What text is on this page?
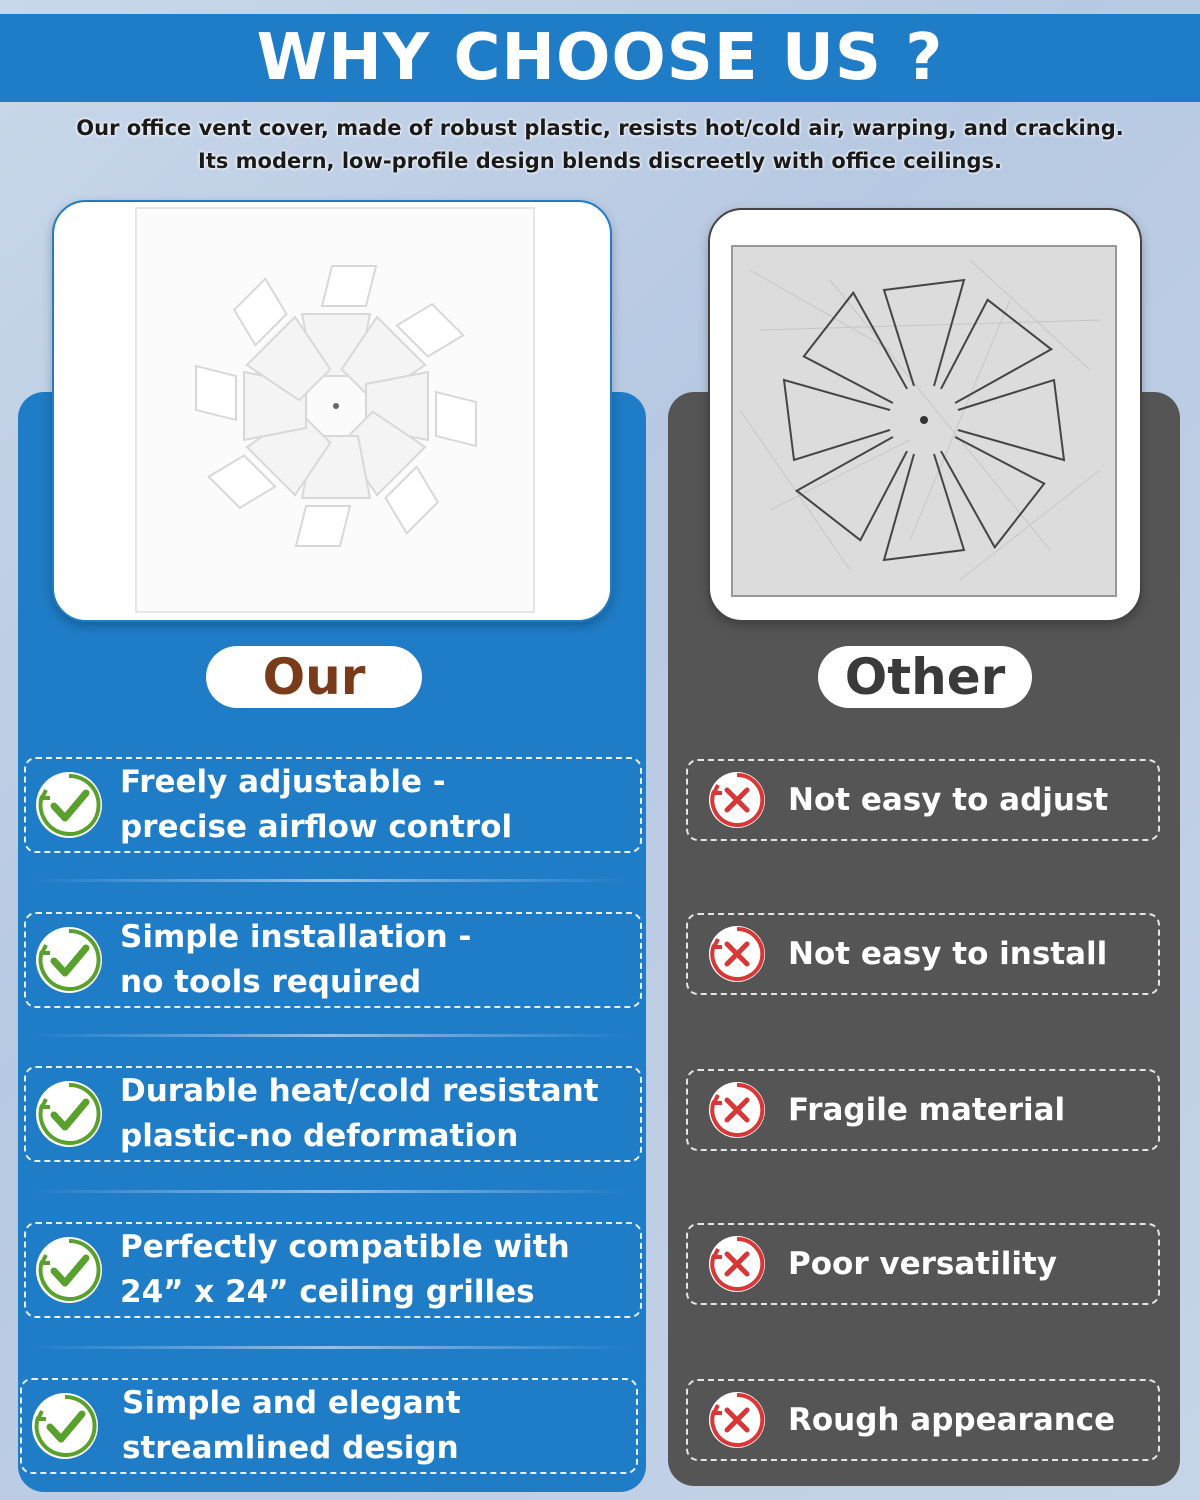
WHY CHOOSE US ?
Our office vent cover, made of robust plastic, resists hot/cold air, warping, and cracking.
Its modern, low-profile design blends discreetly with office ceilings.
Our	Other
Freely adjustable -
precise airflow control
Simple installation -
no tools required
Durable heat/cold resistant
plastic-no deformation
Perfectly compatible with
24” x 24” ceiling grilles
Simple and elegant
streamlined design
Not easy to adjust
Not easy to install
Fragile material
Poor versatility
Rough appearance
